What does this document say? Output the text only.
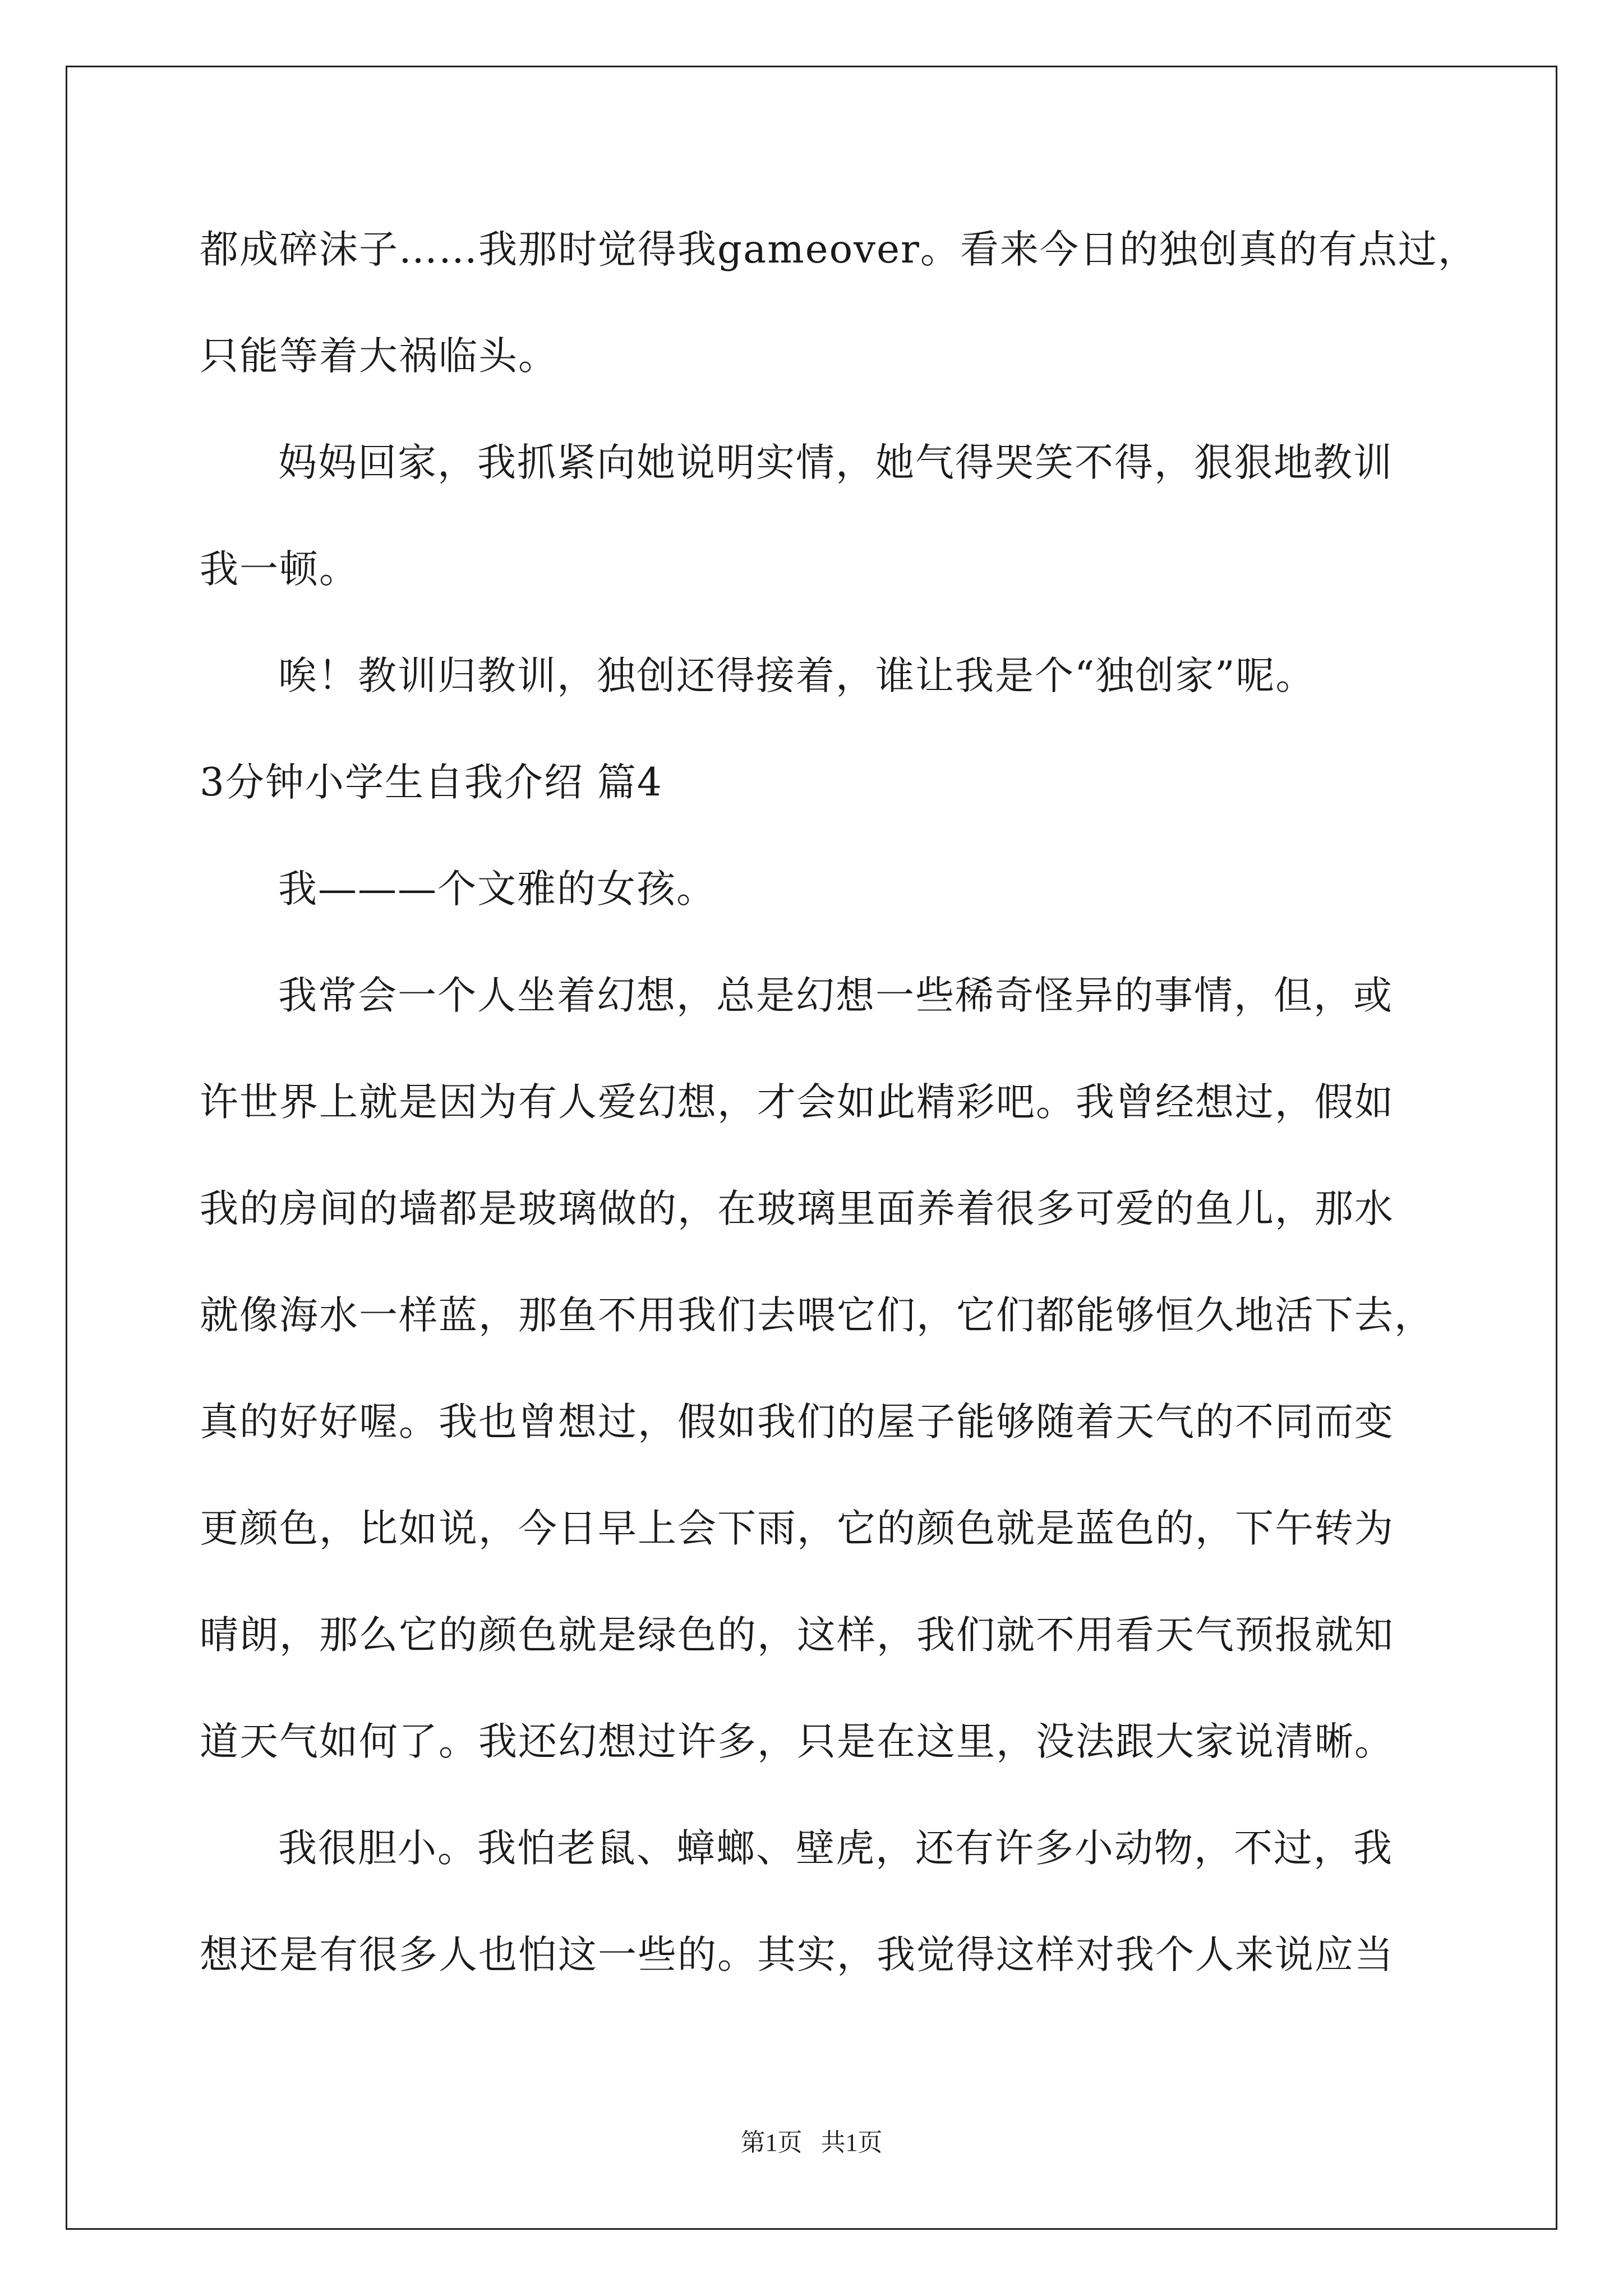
都成碎沫子……我那时觉得我gameover。看来今日的独创真的有点过，
只能等着大祸临头。
妈妈回家，我抓紧向她说明实情，她气得哭笑不得，狠狠地教训
我一顿。
唉！教训归教训，独创还得接着，谁让我是个“独创家”呢。
3分钟小学生自我介绍 篇4
我———个文雅的女孩。
我常会一个人坐着幻想，总是幻想一些稀奇怪异的事情，但，或
许世界上就是因为有人爱幻想，才会如此精彩吧。我曾经想过，假如
我的房间的墙都是玻璃做的，在玻璃里面养着很多可爱的鱼儿，那水
就像海水一样蓝，那鱼不用我们去喂它们，它们都能够恒久地活下去，
真的好好喔。我也曾想过，假如我们的屋子能够随着天气的不同而变
更颜色，比如说，今日早上会下雨，它的颜色就是蓝色的，下午转为
晴朗，那么它的颜色就是绿色的，这样，我们就不用看天气预报就知
道天气如何了。我还幻想过许多，只是在这里，没法跟大家说清晰。
我很胆小。我怕老鼠、蟑螂、壁虎，还有许多小动物，不过，我
想还是有很多人也怕这一些的。其实，我觉得这样对我个人来说应当
第1页   共1页
